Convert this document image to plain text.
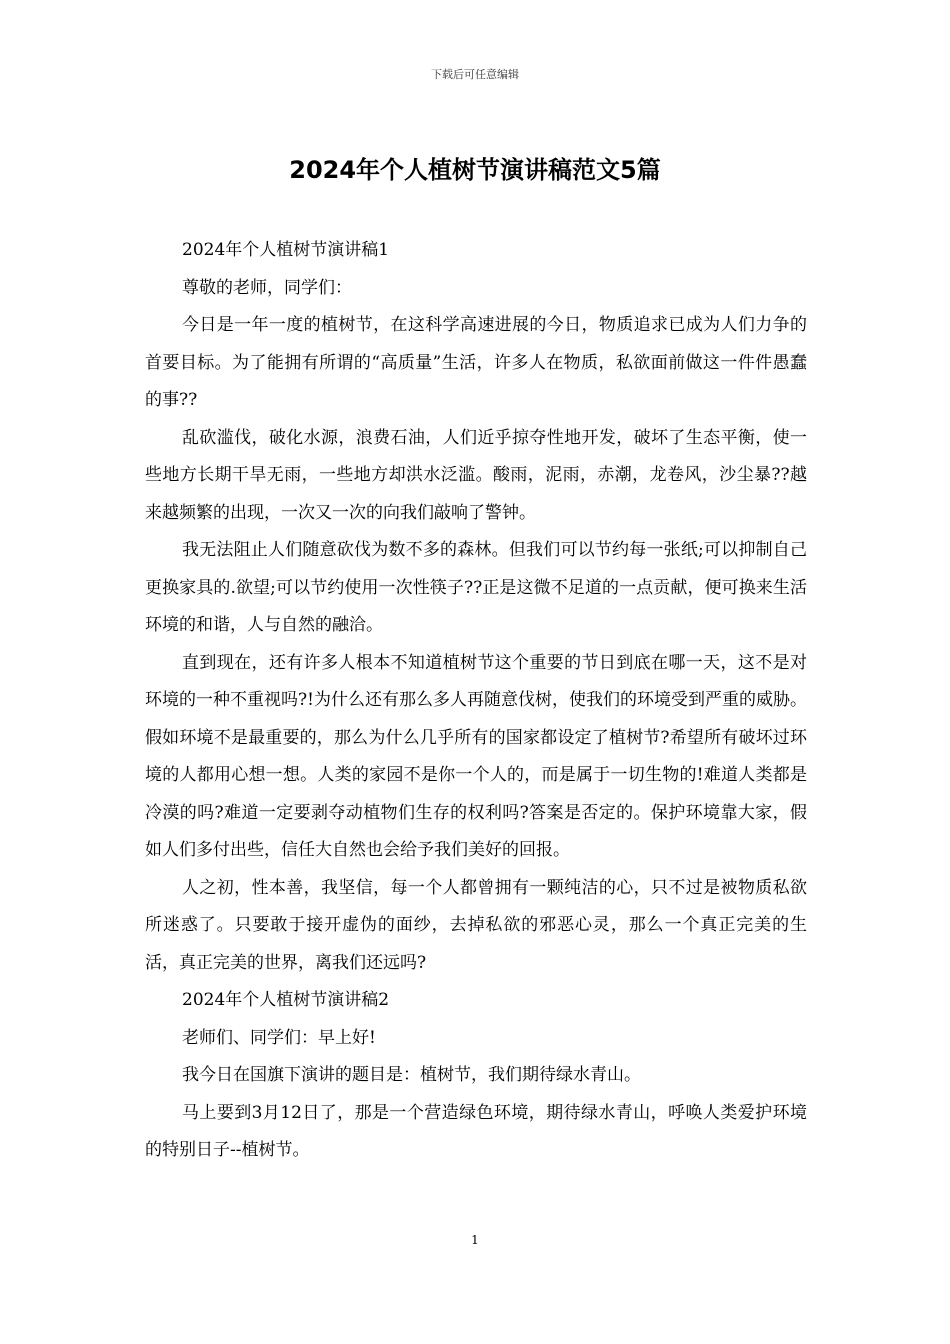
下载后可任意编辑
2024年个人植树节演讲稿范文5篇

2024年个人植树节演讲稿1

尊敬的老师，同学们：

今日是一年一度的植树节，在这科学高速进展的今日，物质追求已成为人们力争的首要目标。为了能拥有所谓的“高质量”生活，许多人在物质，私欲面前做这一件件愚蠢的事??

乱砍滥伐，破化水源，浪费石油，人们近乎掠夺性地开发，破坏了生态平衡，使一些地方长期干旱无雨，一些地方却洪水泛滥。酸雨，泥雨，赤潮，龙卷风，沙尘暴??越来越频繁的出现，一次又一次的向我们敲响了警钟。

我无法阻止人们随意砍伐为数不多的森林。但我们可以节约每一张纸;可以抑制自己更换家具的.欲望;可以节约使用一次性筷子??正是这微不足道的一点贡献，便可换来生活环境的和谐，人与自然的融洽。

直到现在，还有许多人根本不知道植树节这个重要的节日到底在哪一天，这不是对环境的一种不重视吗?!为什么还有那么多人再随意伐树，使我们的环境受到严重的威胁。假如环境不是最重要的，那么为什么几乎所有的国家都设定了植树节?希望所有破坏过环境的人都用心想一想。人类的家园不是你一个人的，而是属于一切生物的!难道人类都是冷漠的吗?难道一定要剥夺动植物们生存的权利吗?答案是否定的。保护环境靠大家，假如人们多付出些，信任大自然也会给予我们美好的回报。

人之初，性本善，我坚信，每一个人都曾拥有一颗纯洁的心，只不过是被物质私欲所迷惑了。只要敢于接开虚伪的面纱，去掉私欲的邪恶心灵，那么一个真正完美的生活，真正完美的世界，离我们还远吗?

2024年个人植树节演讲稿2

老师们、同学们：早上好!

我今日在国旗下演讲的题目是：植树节，我们期待绿水青山。

马上要到3月12日了，那是一个营造绿色环境，期待绿水青山，呼唤人类爱护环境的特别日子--植树节。

1
